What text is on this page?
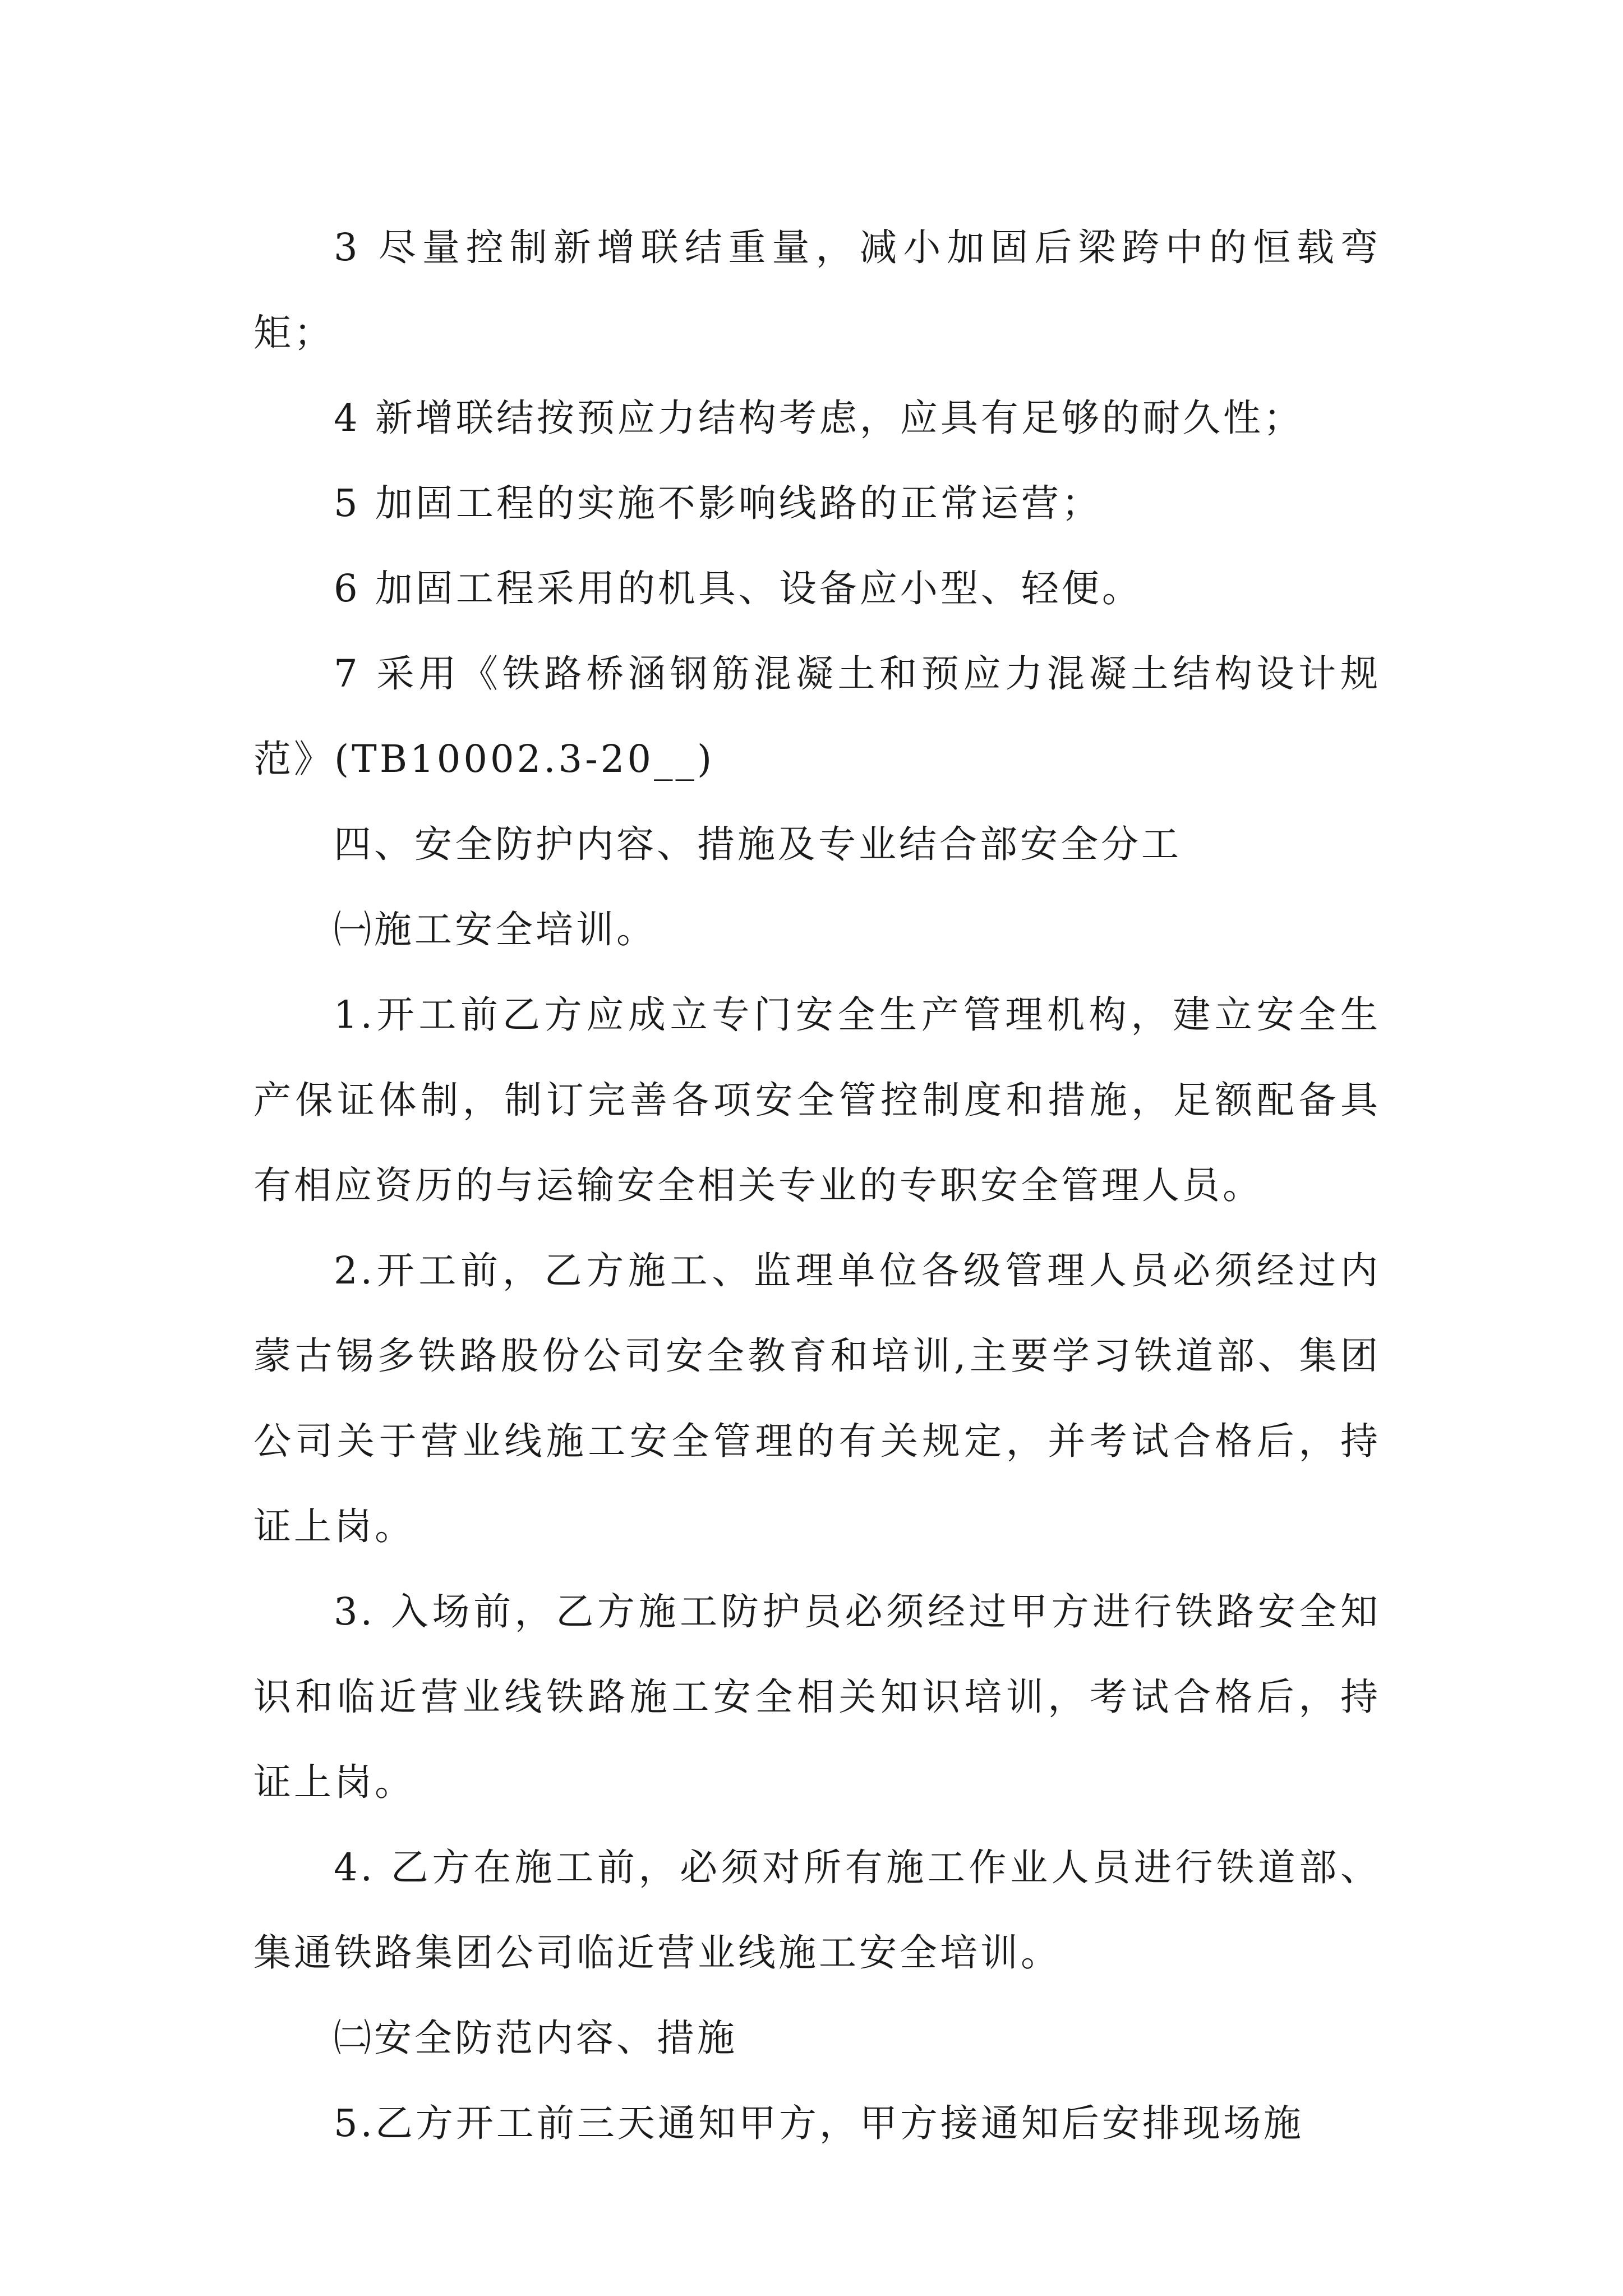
3 尽量控制新增联结重量，减小加固后梁跨中的恒载弯矩；

4 新增联结按预应力结构考虑，应具有足够的耐久性；

5 加固工程的实施不影响线路的正常运营；

6 加固工程采用的机具、设备应小型、轻便。

7 采用《铁路桥涵钢筋混凝土和预应力混凝土结构设计规范》(TB10002.3-20__)

四、安全防护内容、措施及专业结合部安全分工

㈠施工安全培训。

1.开工前乙方应成立专门安全生产管理机构，建立安全生产保证体制，制订完善各项安全管控制度和措施，足额配备具有相应资历的与运输安全相关专业的专职安全管理人员。

2.开工前，乙方施工、监理单位各级管理人员必须经过内蒙古锡多铁路股份公司安全教育和培训,主要学习铁道部、集团公司关于营业线施工安全管理的有关规定，并考试合格后，持证上岗。

3. 入场前，乙方施工防护员必须经过甲方进行铁路安全知识和临近营业线铁路施工安全相关知识培训，考试合格后，持证上岗。

4. 乙方在施工前，必须对所有施工作业人员进行铁道部、集通铁路集团公司临近营业线施工安全培训。

㈡安全防范内容、措施

5.乙方开工前三天通知甲方，甲方接通知后安排现场施
